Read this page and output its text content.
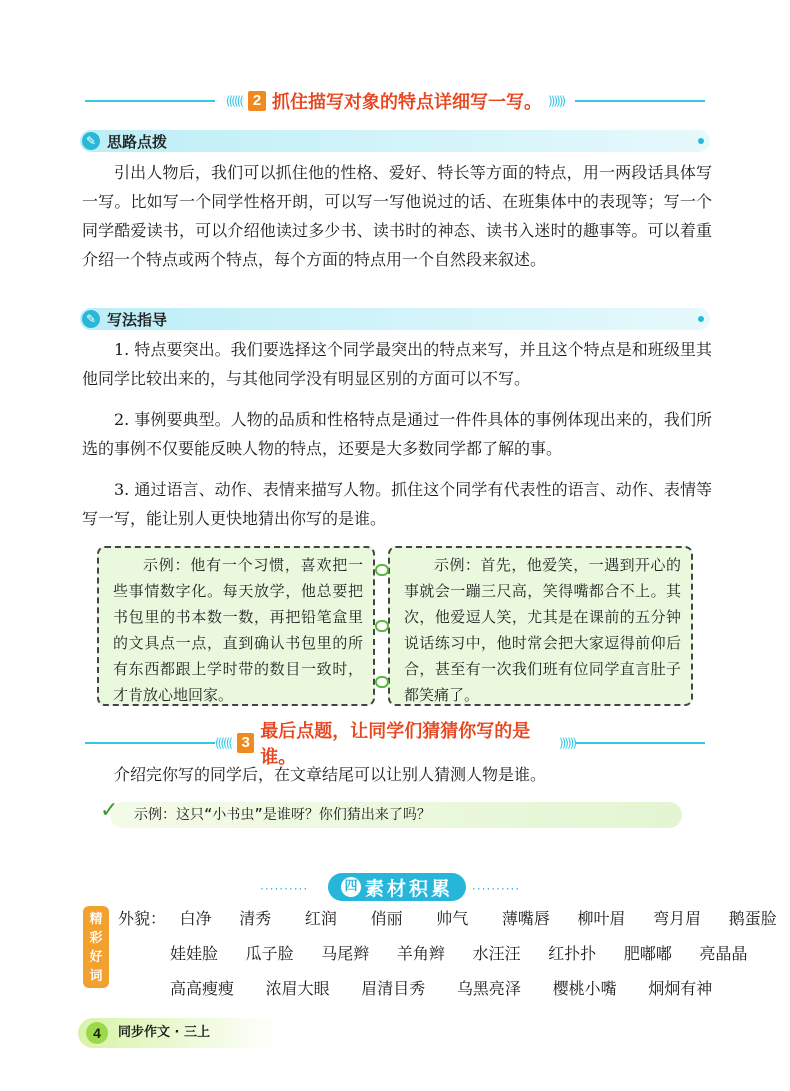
(((((( 2 抓住描写对象的特点详细写一写。 ))))))
✎ 思路点拨
引出人物后，我们可以抓住他的性格、爱好、特长等方面的特点，用一两段话具体写一写。比如写一个同学性格开朗，可以写一写他说过的话、在班集体中的表现等；写一个同学酷爱读书，可以介绍他读过多少书、读书时的神态、读书入迷时的趣事等。可以着重介绍一个特点或两个特点，每个方面的特点用一个自然段来叙述。
✎ 写法指导
1. 特点要突出。我们要选择这个同学最突出的特点来写，并且这个特点是和班级里其他同学比较出来的，与其他同学没有明显区别的方面可以不写。
2. 事例要典型。人物的品质和性格特点是通过一件件具体的事例体现出来的，我们所选的事例不仅要能反映人物的特点，还要是大多数同学都了解的事。
3. 通过语言、动作、表情来描写人物。抓住这个同学有代表性的语言、动作、表情等写一写，能让别人更快地猜出你写的是谁。
示例：他有一个习惯，喜欢把一些事情数字化。每天放学，他总要把书包里的书本数一数，再把铅笔盒里的文具点一点，直到确认书包里的所有东西都跟上学时带的数目一致时，才肯放心地回家。
示例：首先，他爱笑，一遇到开心的事就会一蹦三尺高，笑得嘴都合不上。其次，他爱逗人笑，尤其是在课前的五分钟说话练习中，他时常会把大家逗得前仰后合，甚至有一次我们班有位同学直言肚子都笑痛了。
(((((( 3
最后点题，让同学们猜猜你写的是谁。
))))))
介绍完你写的同学后，在文章结尾可以让别人猜测人物是谁。
示例：这只“小书虫”是谁呀？你们猜出来了吗？
✓
··········	四 素材积累 ··········
精
彩
好
词
外貌： 白净 清秀 红润 俏丽 帅气 薄嘴唇 柳叶眉 弯月眉 鹅蛋脸
娃娃脸 瓜子脸 马尾辫 羊角辫 水汪汪 红扑扑 肥嘟嘟 亮晶晶
高高瘦瘦 浓眉大眼 眉清目秀 乌黑亮泽 樱桃小嘴 炯炯有神
4	同步作文 · 三上
